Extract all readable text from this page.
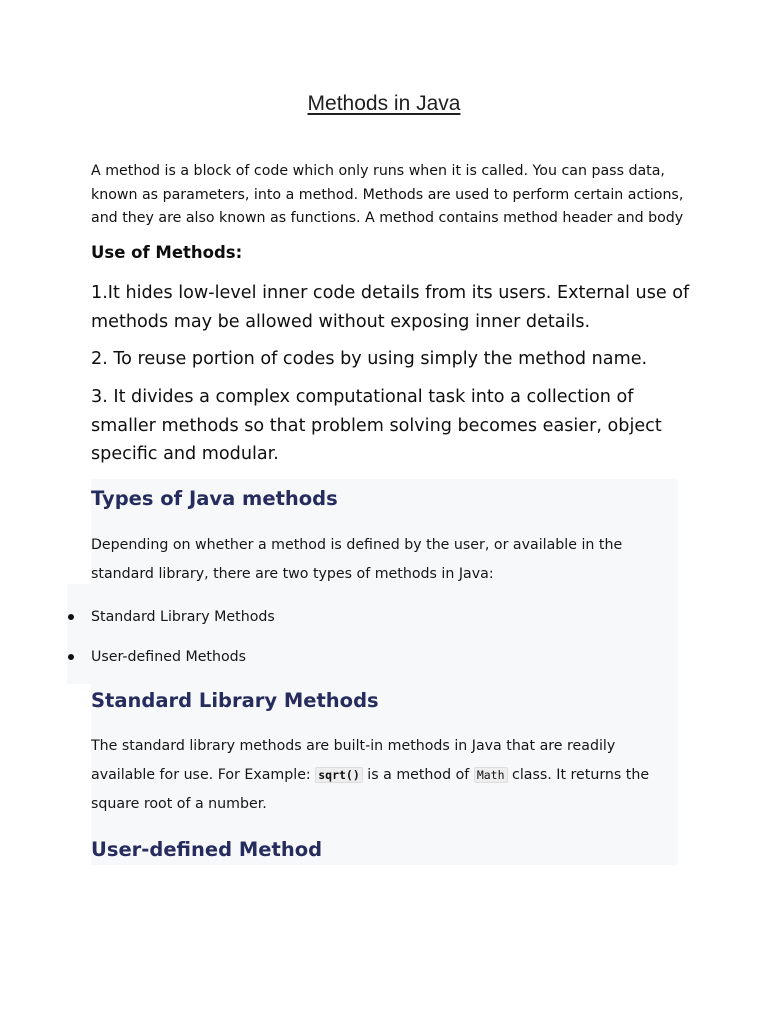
Methods in Java

A method is a block of code which only runs when it is called. You can pass data, known as parameters, into a method. Methods are used to perform certain actions, and they are also known as functions. A method contains method header and body

Use of Methods:

1.It hides low-level inner code details from its users. External use of methods may be allowed without exposing inner details.

2. To reuse portion of codes by using simply the method name.

3. It divides a complex computational task into a collection of smaller methods so that problem solving becomes easier, object specific and modular.

Types of Java methods

Depending on whether a method is defined by the user, or available in the standard library, there are two types of methods in Java:

Standard Library Methods
User-defined Methods
Standard Library Methods

The standard library methods are built-in methods in Java that are readily available for use. For Example: sqrt() is a method of Math class. It returns the square root of a number.

User-defined Method
